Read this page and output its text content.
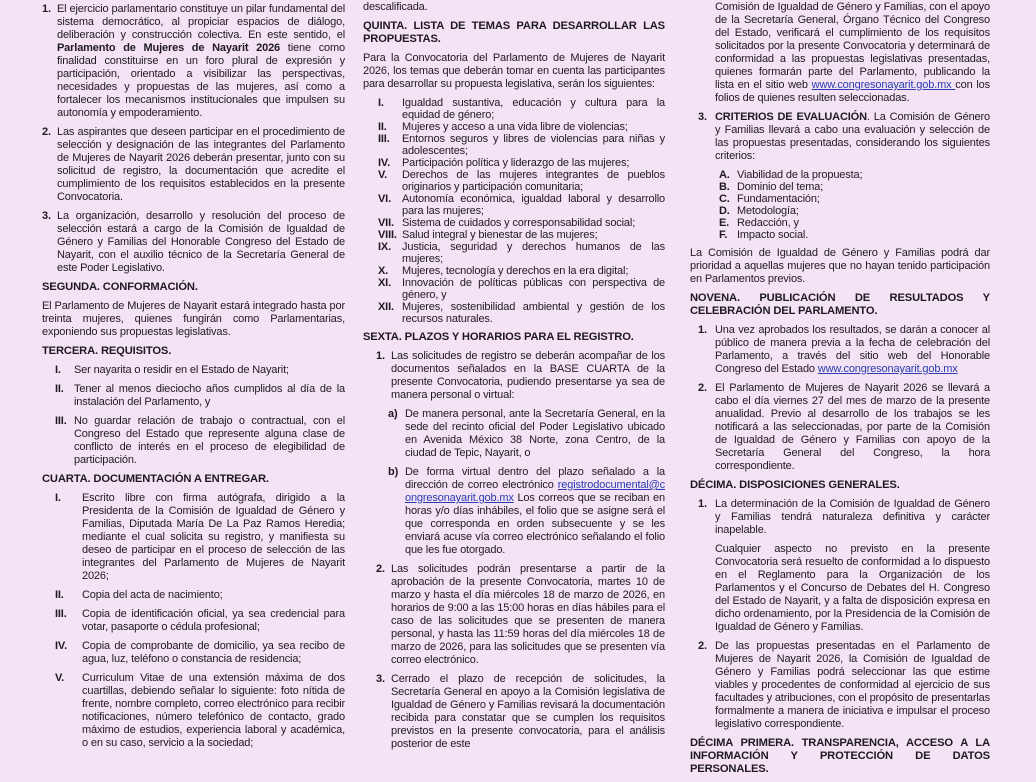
1. El ejercicio parlamentario constituye un pilar fundamental del sistema democrático, al propiciar espacios de diálogo, deliberación y construcción colectiva. En este sentido, el Parlamento de Mujeres de Nayarit 2026 tiene como finalidad constituirse en un foro plural de expresión y participación, orientado a visibilizar las perspectivas, necesidades y propuestas de las mujeres, así como a fortalecer los mecanismos institucionales que impulsen su autonomía y empoderamiento.
2. Las aspirantes que deseen participar en el procedimiento de selección y designación de las integrantes del Parlamento de Mujeres de Nayarit 2026 deberán presentar, junto con su solicitud de registro, la documentación que acredite el cumplimiento de los requisitos establecidos en la presente Convocatoria.
3. La organización, desarrollo y resolución del proceso de selección estará a cargo de la Comisión de Igualdad de Género y Familias del Honorable Congreso del Estado de Nayarit, con el auxilio técnico de la Secretaría General de este Poder Legislativo.
SEGUNDA. CONFORMACIÓN.
El Parlamento de Mujeres de Nayarit estará integrado hasta por treinta mujeres, quienes fungirán como Parlamentarias, exponiendo sus propuestas legislativas.
TERCERA. REQUISITOS.
I.	Ser nayarita o residir en el Estado de Nayarit;
II. Tener al menos dieciocho años cumplidos al día de la instalación del Parlamento, y
III. No guardar relación de trabajo o contractual, con el Congreso del Estado que represente alguna clase de conflicto de interés en el proceso de elegibilidad de participación.
CUARTA. DOCUMENTACIÓN A ENTREGAR.
I.	Escrito libre con firma autógrafa, dirigido a la Presidenta de la Comisión de Igualdad de Género y Familias, Diputada María De La Paz Ramos Heredia; mediante el cual solicita su registro, y manifiesta su deseo de participar en el proceso de selección de las integrantes del Parlamento de Mujeres de Nayarit 2026;
II.	Copia del acta de nacimiento;
III.	Copia de identificación oficial, ya sea credencial para votar, pasaporte o cédula profesional;
IV.	Copia de comprobante de domicilio, ya sea recibo de agua, luz, teléfono o constancia de residencia;
V.	Curriculum Vitae de una extensión máxima de dos cuartillas, debiendo señalar lo siguiente: foto nítida de frente, nombre completo, correo electrónico para recibir notificaciones, número telefónico de contacto, grado máximo de estudios, experiencia laboral y académica, o en su caso, servicio a la sociedad;
descalificada.
QUINTA. LISTA DE TEMAS PARA DESARROLLAR LAS PROPUESTAS.
Para la Convocatoria del Parlamento de Mujeres de Nayarit 2026, los temas que deberán tomar en cuenta las participantes para desarrollar su propuesta legislativa, serán los siguientes:
I.	Igualdad sustantiva, educación y cultura para la equidad de género;
II.	Mujeres y acceso a una vida libre de violencias;
III.	Entornos seguros y libres de violencias para niñas y adolescentes;
IV.	Participación política y liderazgo de las mujeres;
V.	Derechos de las mujeres integrantes de pueblos originarios y participación comunitaria;
VI.	Autonomía económica, igualdad laboral y desarrollo para las mujeres;
VII. Sistema de cuidados y corresponsabilidad social;
VIII. Salud integral y bienestar de las mujeres;
IX.	Justicia, seguridad y derechos humanos de las mujeres;
X.	Mujeres, tecnología y derechos en la era digital;
XI.	Innovación de políticas públicas con perspectiva de género, y
XII. Mujeres, sostenibilidad ambiental y gestión de los recursos naturales.
SEXTA. PLAZOS Y HORARIOS PARA EL REGISTRO.
1. Las solicitudes de registro se deberán acompañar de los documentos señalados en la BASE CUARTA de la presente Convocatoria, pudiendo presentarse ya sea de manera personal o virtual:
a) De manera personal, ante la Secretaría General, en la sede del recinto oficial del Poder Legislativo ubicado en Avenida México 38 Norte, zona Centro, de la ciudad de Tepic, Nayarit, o
b) De forma virtual dentro del plazo señalado a la dirección de correo electrónico registrodocumental@congresonayarit.gob.mx Los correos que se reciban en horas y/o días inhábiles, el folio que se asigne será el que corresponda en orden subsecuente y se les enviará acuse vía correo electrónico señalando el folio que les fue otorgado.
2. Las solicitudes podrán presentarse a partir de la aprobación de la presente Convocatoria, martes 10 de marzo y hasta el día miércoles 18 de marzo de 2026, en horarios de 9:00 a las 15:00 horas en días hábiles para el caso de las solicitudes que se presenten de manera personal, y hasta las 11:59 horas del día miércoles 18 de marzo de 2026, para las solicitudes que se presenten vía correo electrónico.
3. Cerrado el plazo de recepción de solicitudes, la Secretaría General en apoyo a la Comisión legislativa de Igualdad de Género y Familias revisará la documentación recibida para constatar que se cumplen los requisitos previstos en la presente convocatoria, para el análisis posterior de este
Comisión de Igualdad de Género y Familias, con el apoyo de la Secretaría General, Órgano Técnico del Congreso del Estado, verificará el cumplimiento de los requisitos solicitados por la presente Convocatoria y determinará de conformidad a las propuestas legislativas presentadas, quienes formarán parte del Parlamento, publicando la lista en el sitio web www.congresonayarit.gob.mx con los folios de quienes resulten seleccionadas.
3. CRITERIOS DE EVALUACIÓN. La Comisión de Género y Familias llevará a cabo una evaluación y selección de las propuestas presentadas, considerando los siguientes criterios:
A. Viabilidad de la propuesta;
B. Dominio del tema;
C. Fundamentación;
D. Metodología;
E. Redacción, y
F. Impacto social.
La Comisión de Igualdad de Género y Familias podrá dar prioridad a aquellas mujeres que no hayan tenido participación en Parlamentos previos.
NOVENA. PUBLICACIÓN DE RESULTADOS Y CELEBRACIÓN DEL PARLAMENTO.
1. Una vez aprobados los resultados, se darán a conocer al público de manera previa a la fecha de celebración del Parlamento, a través del sitio web del Honorable Congreso del Estado www.congresonayarit.gob.mx
2. El Parlamento de Mujeres de Nayarit 2026 se llevará a cabo el día viernes 27 del mes de marzo de la presente anualidad. Previo al desarrollo de los trabajos se les notificará a las seleccionadas, por parte de la Comisión de Igualdad de Género y Familias con apoyo de la Secretaría General del Congreso, la hora correspondiente.
DÉCIMA. DISPOSICIONES GENERALES.
1. La determinación de la Comisión de Igualdad de Género y Familias tendrá naturaleza definitiva y carácter inapelable.
Cualquier aspecto no previsto en la presente Convocatoria será resuelto de conformidad a lo dispuesto en el Reglamento para la Organización de los Parlamentos y el Concurso de Debates del H. Congreso del Estado de Nayarit, y a falta de disposición expresa en dicho ordenamiento, por la Presidencia de la Comisión de Igualdad de Género y Familias.
2. De las propuestas presentadas en el Parlamento de Mujeres de Nayarit 2026, la Comisión de Igualdad de Género y Familias podrá seleccionar las que estime viables y procedentes de conformidad al ejercicio de sus facultades y atribuciones, con el propósito de presentarlas formalmente a manera de iniciativa e impulsar el proceso legislativo correspondiente.
DÉCIMA PRIMERA. TRANSPARENCIA, ACCESO A LA INFORMACIÓN Y PROTECCIÓN DE DATOS PERSONALES.
